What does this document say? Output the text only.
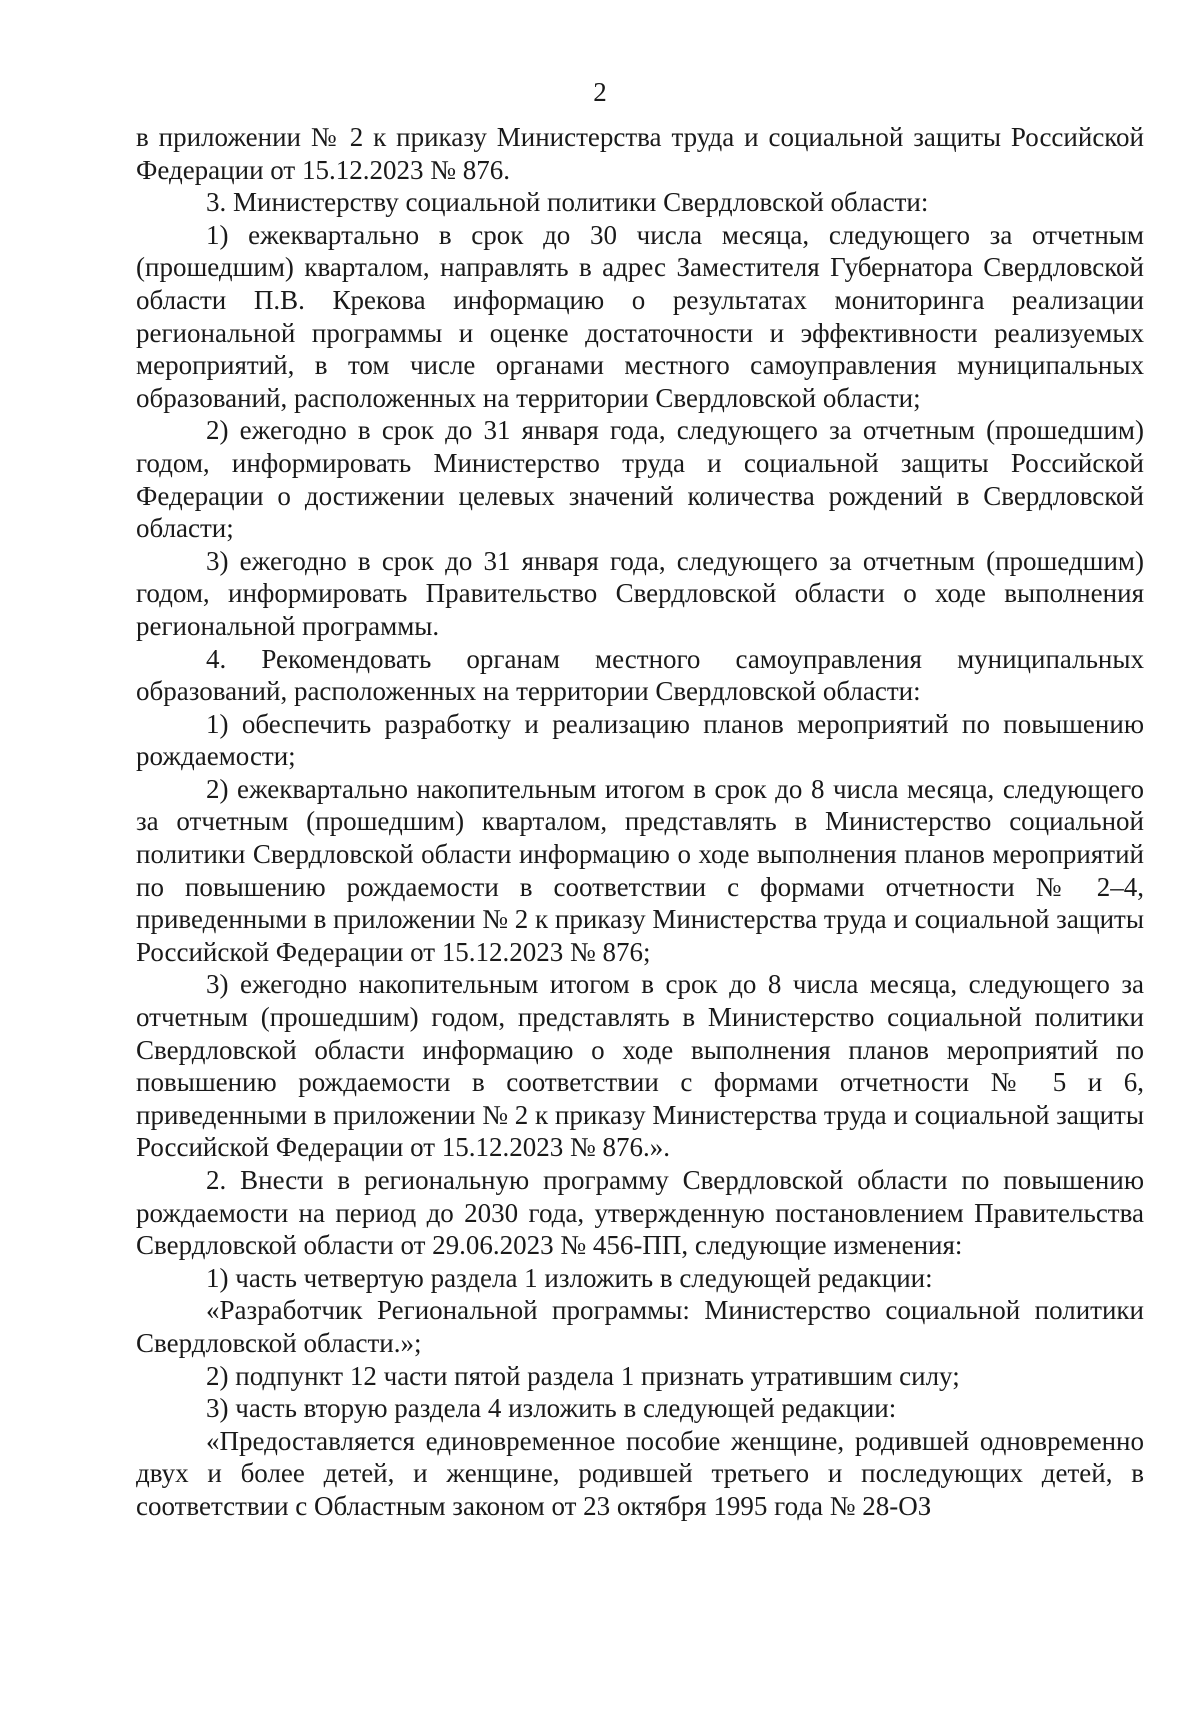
2

в приложении № 2 к приказу Министерства труда и социальной защиты Российской Федерации от 15.12.2023 № 876.

3. Министерству социальной политики Свердловской области:

1) ежеквартально в срок до 30 числа месяца, следующего за отчетным (прошедшим) кварталом, направлять в адрес Заместителя Губернатора Свердловской области П.В. Крекова информацию о результатах мониторинга реализации региональной программы и оценке достаточности и эффективности реализуемых мероприятий, в том числе органами местного самоуправления муниципальных образований, расположенных на территории Свердловской области;

2) ежегодно в срок до 31 января года, следующего за отчетным (прошедшим) годом, информировать Министерство труда и социальной защиты Российской Федерации о достижении целевых значений количества рождений в Свердловской области;

3) ежегодно в срок до 31 января года, следующего за отчетным (прошедшим) годом, информировать Правительство Свердловской области о ходе выполнения региональной программы.

4. Рекомендовать органам местного самоуправления муниципальных образований, расположенных на территории Свердловской области:

1) обеспечить разработку и реализацию планов мероприятий по повышению рождаемости;

2) ежеквартально накопительным итогом в срок до 8 числа месяца, следующего за отчетным (прошедшим) кварталом, представлять в Министерство социальной политики Свердловской области информацию о ходе выполнения планов мероприятий по повышению рождаемости в соответствии с формами отчетности № 2–4, приведенными в приложении № 2 к приказу Министерства труда и социальной защиты Российской Федерации от 15.12.2023 № 876;

3) ежегодно накопительным итогом в срок до 8 числа месяца, следующего за отчетным (прошедшим) годом, представлять в Министерство социальной политики Свердловской области информацию о ходе выполнения планов мероприятий по повышению рождаемости в соответствии с формами отчетности № 5 и 6, приведенными в приложении № 2 к приказу Министерства труда и социальной защиты Российской Федерации от 15.12.2023 № 876.».

2. Внести в региональную программу Свердловской области по повышению рождаемости на период до 2030 года, утвержденную постановлением Правительства Свердловской области от 29.06.2023 № 456-ПП, следующие изменения:

1) часть четвертую раздела 1 изложить в следующей редакции:

«Разработчик Региональной программы: Министерство социальной политики Свердловской области.»;

2) подпункт 12 части пятой раздела 1 признать утратившим силу;

3) часть вторую раздела 4 изложить в следующей редакции:

«Предоставляется единовременное пособие женщине, родившей одновременно двух и более детей, и женщине, родившей третьего и последующих детей, в соответствии с Областным законом от 23 октября 1995 года № 28-ОЗ
